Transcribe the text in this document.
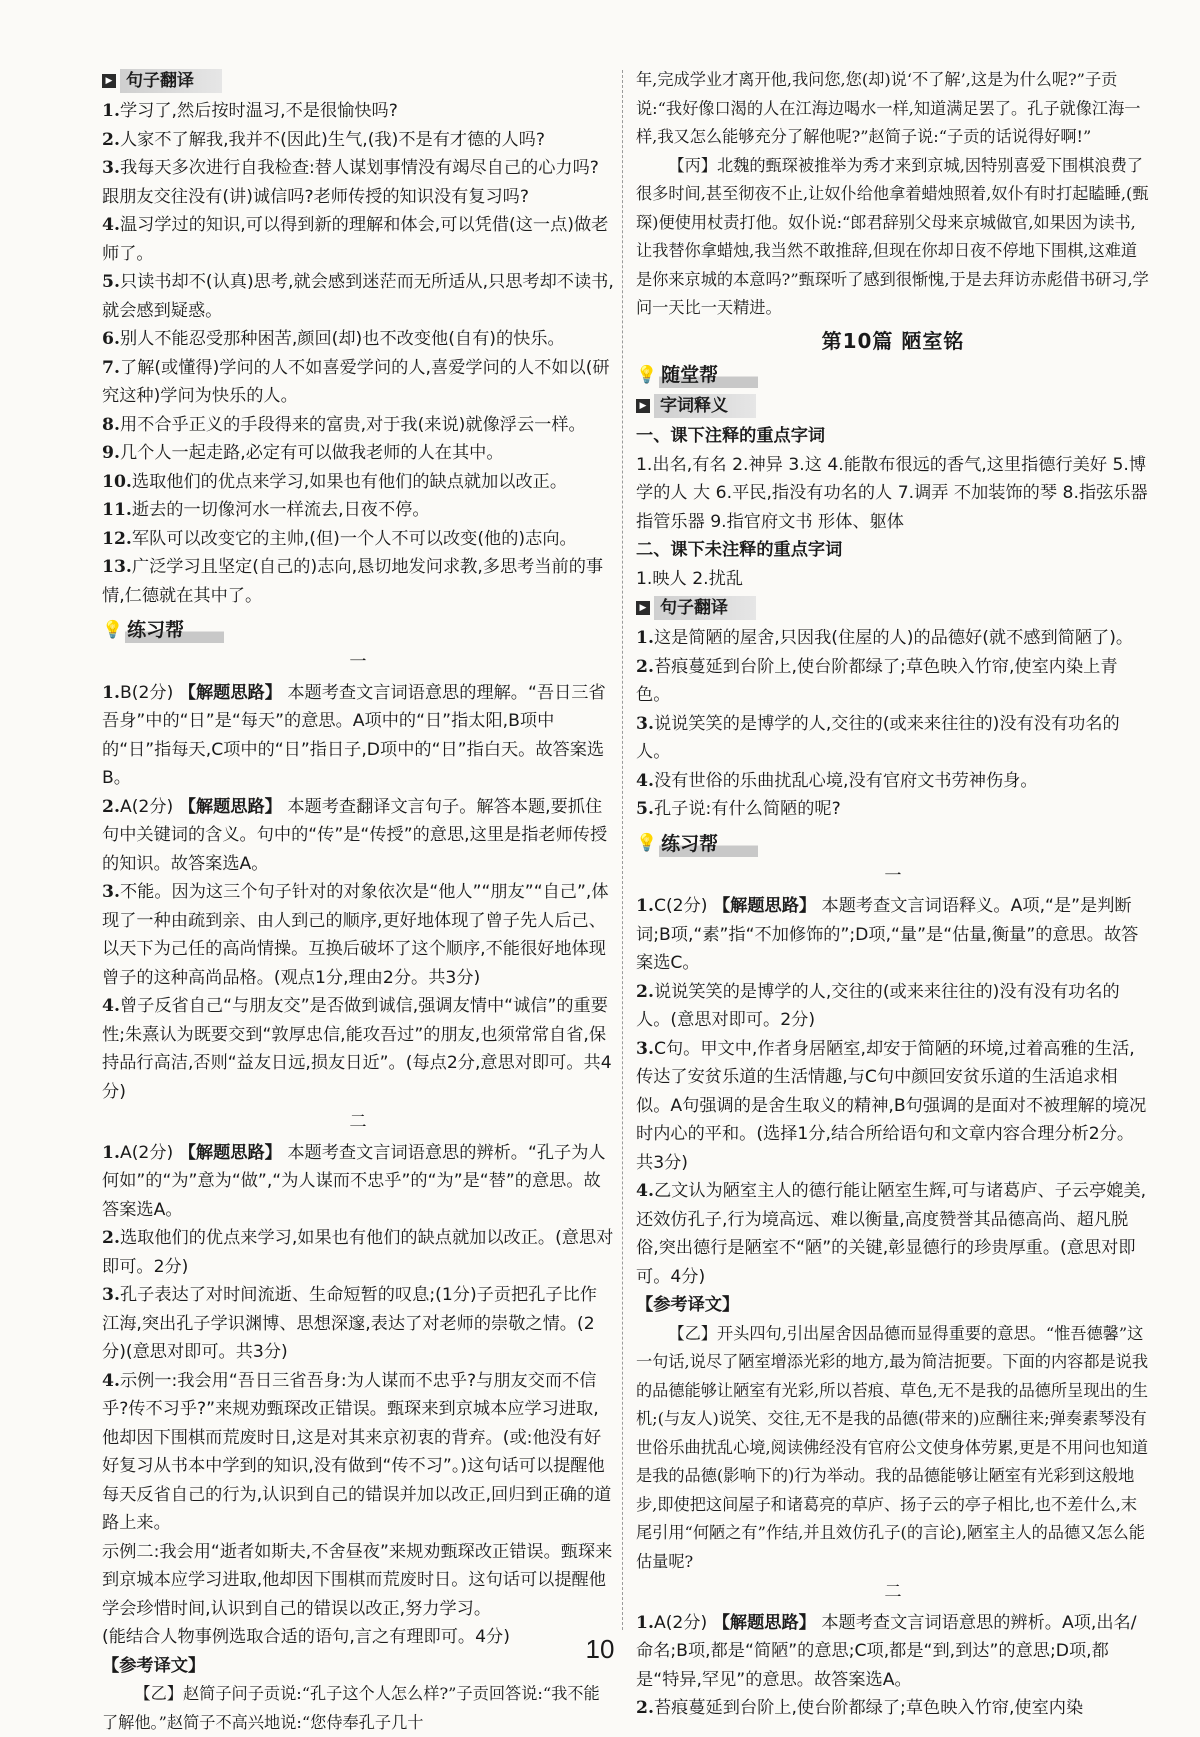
▶ 句子翻译
1.学习了,然后按时温习,不是很愉快吗?
2.人家不了解我,我并不(因此)生气,(我)不是有才德的人吗?
3.我每天多次进行自我检查:替人谋划事情没有竭尽自己的心力吗?跟朋友交往没有(讲)诚信吗?老师传授的知识没有复习吗?
4.温习学过的知识,可以得到新的理解和体会,可以凭借(这一点)做老师了。
5.只读书却不(认真)思考,就会感到迷茫而无所适从,只思考却不读书,就会感到疑惑。
6.别人不能忍受那种困苦,颜回(却)也不改变他(自有)的快乐。
7.了解(或懂得)学问的人不如喜爱学问的人,喜爱学问的人不如以(研究这种)学问为快乐的人。
8.用不合乎正义的手段得来的富贵,对于我(来说)就像浮云一样。
9.几个人一起走路,必定有可以做我老师的人在其中。
10.选取他们的优点来学习,如果也有他们的缺点就加以改正。
11.逝去的一切像河水一样流去,日夜不停。
12.军队可以改变它的主帅,(但)一个人不可以改变(他的)志向。
13.广泛学习且坚定(自己的)志向,恳切地发问求教,多思考当前的事情,仁德就在其中了。
💡 练习帮
一
1.B(2分) 【解题思路】 本题考查文言词语意思的理解。“吾日三省吾身”中的“日”是“每天”的意思。A项中的“日”指太阳,B项中的“日”指每天,C项中的“日”指日子,D项中的“日”指白天。故答案选B。
2.A(2分) 【解题思路】 本题考查翻译文言句子。解答本题,要抓住句中关键词的含义。句中的“传”是“传授”的意思,这里是指老师传授的知识。故答案选A。
3.不能。因为这三个句子针对的对象依次是“他人”“朋友”“自己”,体现了一种由疏到亲、由人到己的顺序,更好地体现了曾子先人后己、以天下为己任的高尚情操。互换后破坏了这个顺序,不能很好地体现曾子的这种高尚品格。(观点1分,理由2分。共3分)
4.曾子反省自己“与朋友交”是否做到诚信,强调友情中“诚信”的重要性;朱熹认为既要交到“敦厚忠信,能攻吾过”的朋友,也须常常自省,保持品行高洁,否则“益友日远,损友日近”。(每点2分,意思对即可。共4分)
二
1.A(2分) 【解题思路】 本题考查文言词语意思的辨析。“孔子为人何如”的“为”意为“做”,“为人谋而不忠乎”的“为”是“替”的意思。故答案选A。
2.选取他们的优点来学习,如果也有他们的缺点就加以改正。(意思对即可。2分)
3.孔子表达了对时间流逝、生命短暂的叹息;(1分)子贡把孔子比作江海,突出孔子学识渊博、思想深邃,表达了对老师的崇敬之情。(2分)(意思对即可。共3分)
4.示例一:我会用“吾日三省吾身:为人谋而不忠乎?与朋友交而不信乎?传不习乎?”来规劝甄琛改正错误。甄琛来到京城本应学习进取,他却因下围棋而荒废时日,这是对其来京初衷的背弃。(或:他没有好好复习从书本中学到的知识,没有做到“传不习”。)这句话可以提醒他每天反省自己的行为,认识到自己的错误并加以改正,回归到正确的道路上来。
示例二:我会用“逝者如斯夫,不舍昼夜”来规劝甄琛改正错误。甄琛来到京城本应学习进取,他却因下围棋而荒废时日。这句话可以提醒他学会珍惜时间,认识到自己的错误以改正,努力学习。
(能结合人物事例选取合适的语句,言之有理即可。4分)
【参考译文】

【乙】赵简子问子贡说:“孔子这个人怎么样?”子贡回答说:“我不能了解他。”赵简子不高兴地说:“您侍奉孔子几十

年,完成学业才离开他,我问您,您(却)说‘不了解’,这是为什么呢?”子贡说:“我好像口渴的人在江海边喝水一样,知道满足罢了。孔子就像江海一样,我又怎么能够充分了解他呢?”赵简子说:“子贡的话说得好啊!”

【丙】北魏的甄琛被推举为秀才来到京城,因特别喜爱下围棋浪费了很多时间,甚至彻夜不止,让奴仆给他拿着蜡烛照着,奴仆有时打起瞌睡,(甄琛)便使用杖责打他。奴仆说:“郎君辞别父母来京城做官,如果因为读书,让我替你拿蜡烛,我当然不敢推辞,但现在你却日夜不停地下围棋,这难道是你来京城的本意吗?”甄琛听了感到很惭愧,于是去拜访赤彪借书研习,学问一天比一天精进。

第10篇 陋室铭
💡 随堂帮
▶ 字词释义
一、课下注释的重点字词
1.出名,有名 2.神异 3.这 4.能散布很远的香气,这里指德行美好 5.博学的人 大 6.平民,指没有功名的人 7.调弄 不加装饰的琴 8.指弦乐器 指管乐器 9.指官府文书 形体、躯体
二、课下未注释的重点字词
1.映人 2.扰乱
▶ 句子翻译
1.这是简陋的屋舍,只因我(住屋的人)的品德好(就不感到简陋了)。
2.苔痕蔓延到台阶上,使台阶都绿了;草色映入竹帘,使室内染上青色。
3.说说笑笑的是博学的人,交往的(或来来往往的)没有没有功名的人。
4.没有世俗的乐曲扰乱心境,没有官府文书劳神伤身。
5.孔子说:有什么简陋的呢?
💡 练习帮
一
1.C(2分) 【解题思路】 本题考查文言词语释义。A项,“是”是判断词;B项,“素”指“不加修饰的”;D项,“量”是“估量,衡量”的意思。故答案选C。
2.说说笑笑的是博学的人,交往的(或来来往往的)没有没有功名的人。(意思对即可。2分)
3.C句。甲文中,作者身居陋室,却安于简陋的环境,过着高雅的生活,传达了安贫乐道的生活情趣,与C句中颜回安贫乐道的生活追求相似。A句强调的是舍生取义的精神,B句强调的是面对不被理解的境况时内心的平和。(选择1分,结合所给语句和文章内容合理分析2分。共3分)
4.乙文认为陋室主人的德行能让陋室生辉,可与诸葛庐、子云亭媲美,还效仿孔子,行为境高远、难以衡量,高度赞誉其品德高尚、超凡脱俗,突出德行是陋室不“陋”的关键,彰显德行的珍贵厚重。(意思对即可。4分)
【参考译文】

【乙】开头四句,引出屋舍因品德而显得重要的意思。“惟吾德馨”这一句话,说尽了陋室增添光彩的地方,最为简洁扼要。下面的内容都是说我的品德能够让陋室有光彩,所以苔痕、草色,无不是我的品德所呈现出的生机;(与友人)说笑、交往,无不是我的品德(带来的)应酬往来;弹奏素琴没有世俗乐曲扰乱心境,阅读佛经没有官府公文使身体劳累,更是不用问也知道是我的品德(影响下的)行为举动。我的品德能够让陋室有光彩到这般地步,即使把这间屋子和诸葛亮的草庐、扬子云的亭子相比,也不差什么,末尾引用“何陋之有”作结,并且效仿孔子(的言论),陋室主人的品德又怎么能估量呢?

二
1.A(2分) 【解题思路】 本题考查文言词语意思的辨析。A项,出名/命名;B项,都是“简陋”的意思;C项,都是“到,到达”的意思;D项,都是“特异,罕见”的意思。故答案选A。
2.苔痕蔓延到台阶上,使台阶都绿了;草色映入竹帘,使室内染
10
